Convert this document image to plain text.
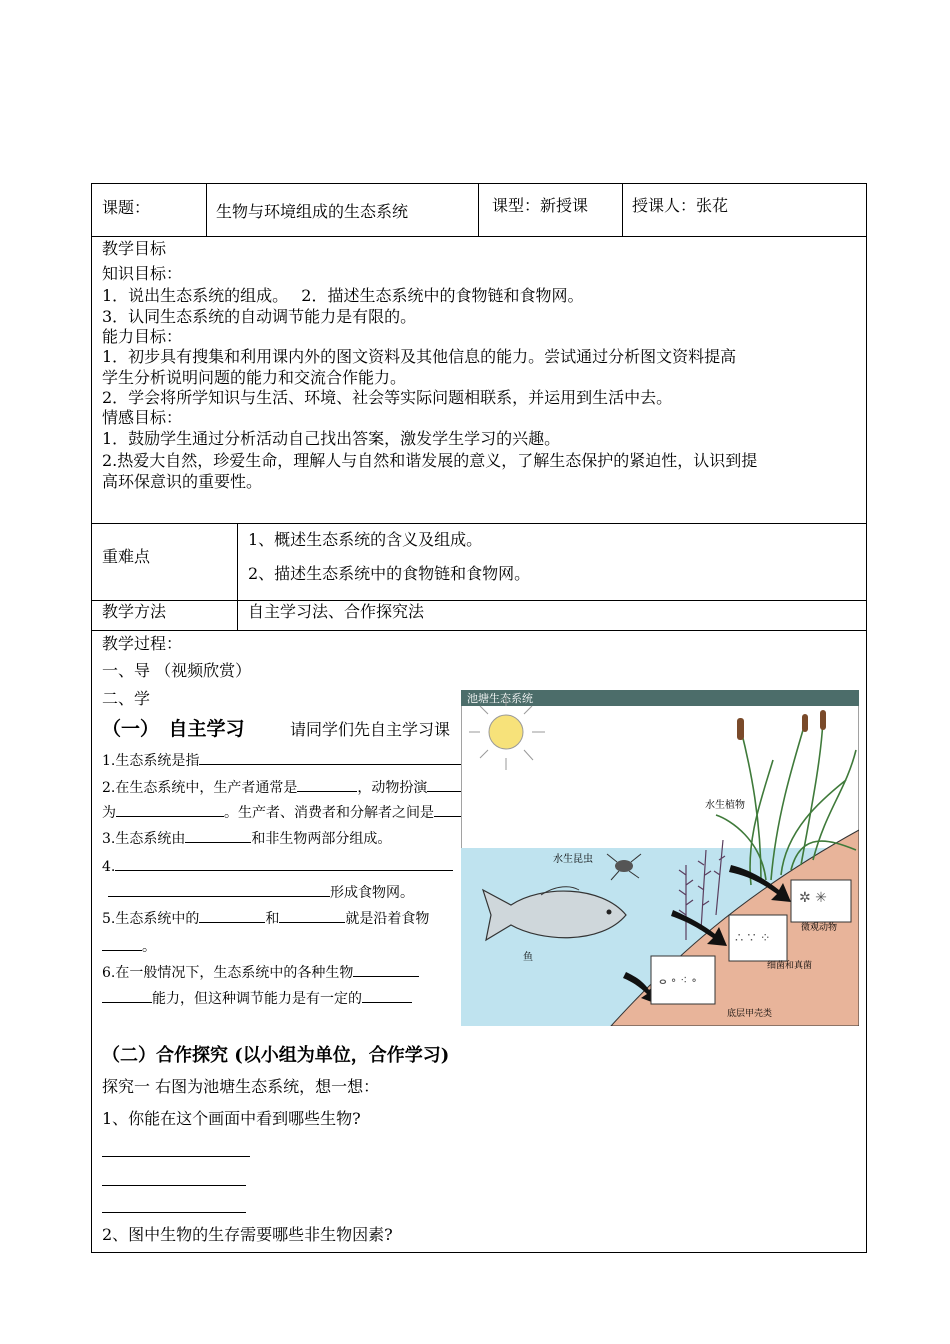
课题：	生物与环境组成的生态系统	课型：新授课	授课人：张花
教学目标
知识目标：
1．说出生态系统的组成。　 2．描述生态系统中的食物链和食物网。
3．认同生态系统的自动调节能力是有限的。
能力目标：
1．初步具有搜集和利用课内外的图文资料及其他信息的能力。尝试通过分析图文资料提高
学生分析说明问题的能力和交流合作能力。
2．学会将所学知识与生活、环境、社会等实际问题相联系，并运用到生活中去。
情感目标：
1．鼓励学生通过分析活动自己找出答案，激发学生学习的兴趣。
2.热爱大自然，珍爱生命，理解人与自然和谐发展的意义，了解生态保护的紧迫性，认识到提
高环保意识的重要性。
重难点
1、概述生态系统的含义及组成。
2、描述生态系统中的食物链和食物网。
教学方法	自主学习法、合作探究法
教学过程：
一、导 （视频欣赏）
二、学
（一）　自主学习	请同学们先自主学习课
1.生态系统是指
2.在生态系统中，生产者通常是	，动物扮演
为	。生产者、消费者和分解者之间是
3.生态系统由	和非生物两部分组成。
4.
形成食物网。
5.生态系统中的	和	就是沿着食物
。
6.在一般情况下，生态系统中的各种生物
能力，但这种调节能力是有一定的
池塘生态系统
水生植物
水生昆虫
鱼
✲ ✳
微观动物
∴ ∵ ⁘
细菌和真菌
ⴰ ∘ ⁖ ∘
底层甲壳类
（二）合作探究 (以小组为单位，合作学习)
探究一 右图为池塘生态系统，想一想：
1、你能在这个画面中看到哪些生物?
2、图中生物的生存需要哪些非生物因素?
